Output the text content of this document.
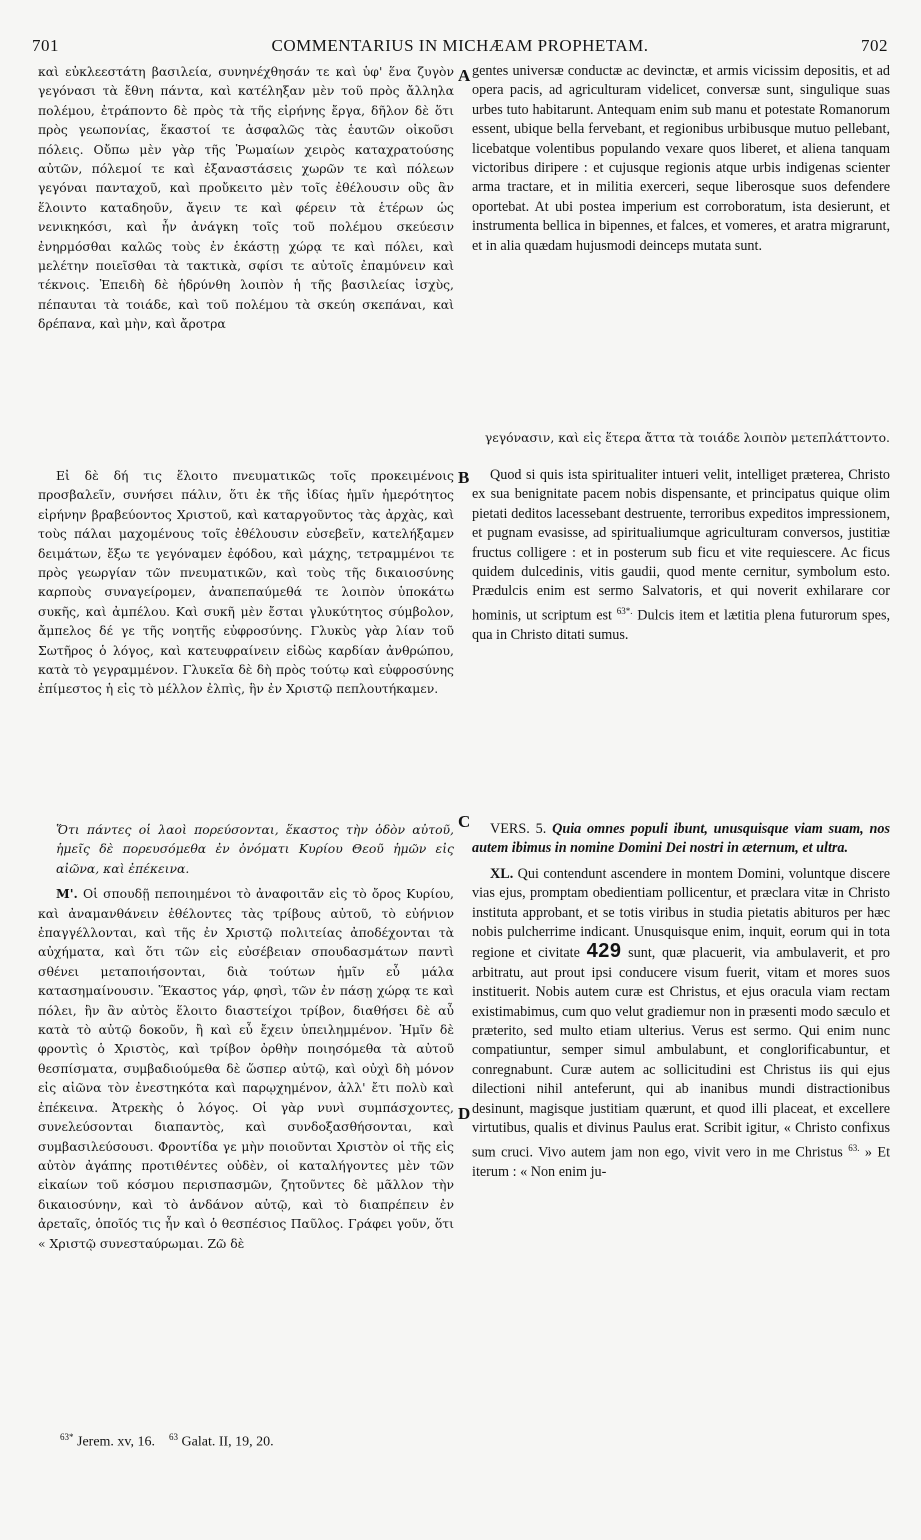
701	COMMENTARIUS IN MICHÆAM PROPHETAM.	702

καὶ εὐκλεεστάτη βασιλεία, συνηνέχθησάν τε καὶ ὑφ' ἕνα ζυγὸν γεγόνασι τὰ ἔθνη πάντα, καὶ κατέληξαν μὲν τοῦ πρὸς ἄλληλα πολέμου, ἐτράποντο δὲ πρὸς τὰ τῆς εἰρήνης ἔργα, δῆλον δὲ ὅτι πρὸς γεωπονίας, ἕκαστοί τε ἀσφαλῶς τὰς ἑαυτῶν οἰκοῦσι πόλεις. Οὔπω μὲν γὰρ τῆς Ῥωμαίων χειρὸς καταχρατούσης αὐτῶν, πόλεμοί τε καὶ ἐξαναστάσεις χωρῶν τε καὶ πόλεων γεγόναι πανταχοῦ, καὶ προὔκειτο μὲν τοῖς ἐθέλουσιν οὓς ἂν ἕλοιντο καταδηοῦν, ἄγειν τε καὶ φέρειν τὰ ἑτέρων ὡς νενικηκόσι, καὶ ἦν ἀνάγκη τοῖς τοῦ πολέμου σκεύεσιν ἐνηρμόσθαι καλῶς τοὺς ἐν ἑκάστῃ χώρᾳ τε καὶ πόλει, καὶ μελέτην ποιεῖσθαι τὰ τακτικὰ, σφίσι τε αὐτοῖς ἐπαμύνειν καὶ τέκνοις. Ἐπειδὴ δὲ ἡδρύνθη λοιπὸν ἡ τῆς βασιλείας ἰσχὺς, πέπαυται τὰ τοιάδε, καὶ τοῦ πολέμου τὰ σκεύη σκεπάναι, καὶ δρέπανα, καὶ μὴν, καὶ ἄροτρα

A gentes universæ conductæ ac devinctæ, et armis vicissim depositis, et ad opera pacis, ad agriculturam videlicet, conversæ sunt, singulique suas urbes tuto habitarunt. Antequam enim sub manu et potestate Romanorum essent, ubique bella fervebant, et regionibus urbibusque mutuo pellebant, licebatque volentibus populando vexare quos liberet, et aliena tanquam victoribus diripere : et cujusque regionis atque urbis indigenas scienter arma tractare, et in militia exerceri, seque liberosque suos defendere oportebat. At ubi postea imperium est corroboratum, ista desierunt, et instrumenta bellica in bipennes, et falces, et vomeres, et aratra migrarunt, et in alia quædam hujusmodi deinceps mutata sunt.

γεγόνασιν, καὶ εἰς ἕτερα ἄττα τὰ τοιάδε λοιπὸν μετεπλάττοντο.

Εἰ δὲ δή τις ἕλοιτο πνευματικῶς τοῖς προκειμένοις προσβαλεῖν, συνήσει πάλιν, ὅτι ἐκ τῆς ἰδίας ἡμῖν ἡμερότητος εἰρήνην βραβεύοντος Χριστοῦ, καὶ καταργοῦντος τὰς ἀρχὰς, καὶ τοὺς πάλαι μαχομένους τοῖς ἐθέλουσιν εὐσεβεῖν, κατελήξαμεν δειμάτων, ἔξω τε γεγόναμεν ἐφόδου, καὶ μάχης, τετραμμένοι τε πρὸς γεωργίαν τῶν πνευματικῶν, καὶ τοὺς τῆς δικαιοσύνης καρποὺς συναγείρομεν, ἀναπεπαύμεθά τε λοιπὸν ὑποκάτω συκῆς, καὶ ἀμπέλου. Καὶ συκῆ μὲν ἔσται γλυκύτητος σύμβολον, ἄμπελος δέ γε τῆς νοητῆς εὐφροσύνης. Γλυκὺς γὰρ λίαν τοῦ Σωτῆρος ὁ λόγος, καὶ κατευφραίνειν εἰδὼς καρδίαν ἀνθρώπου, κατὰ τὸ γεγραμμένον. Γλυκεῖα δὲ δὴ πρὸς τούτῳ καὶ εὐφροσύνης ἐπίμεστος ἡ εἰς τὸ μέλλον ἐλπὶς, ἣν ἐν Χριστῷ πεπλουτήκαμεν.

B	Quod si quis ista spiritualiter intueri velit, intelliget præterea, Christo ex sua benignitate pacem nobis dispensante, et principatus quique olim pietati deditos lacessebant destruente, terroribus expeditos impressionem, et pugnam evasisse, ad spiritualiumque agriculturam conversos, justitiæ fructus colligere : et in posterum sub ficu et vite requiescere. Ac ficus quidem dulcedinis, vitis gaudii, quod mente cernitur, symbolum esto. Prædulcis enim est sermo Salvatoris, et qui noverit exhilarare cor hominis, ut scriptum est $^{63*.}$ Dulcis item et lætitia plena futurorum spes, qua in Christo ditati sumus.

Ὅτι πάντες οἱ λαοὶ πορεύσονται, ἕκαστος τὴν ὁδὸν αὐτοῦ, ἡμεῖς δὲ πορευσόμεθα ἐν ὀνόματι Κυρίου Θεοῦ ἡμῶν εἰς αἰῶνα, καὶ ἐπέκεινα.

Μ'. Οἱ σπουδῇ πεποιημένοι τὸ ἀναφοιτᾶν εἰς τὸ ὄρος Κυρίου, καὶ ἀναμανθάνειν ἐθέλοντες τὰς τρίβους αὐτοῦ, τὸ εὐήνιον ἐπαγγέλλονται, καὶ τῆς ἐν Χριστῷ πολιτείας ἀποδέχονται τὰ αὐχήματα, καὶ ὅτι τῶν εἰς εὐσέβειαν σπουδασμάτων παντὶ σθένει μεταποιήσονται, διὰ τούτων ἡμῖν εὖ μάλα κατασημαίνουσιν. Ἕκαστος γάρ, φησὶ, τῶν ἐν πάσῃ χώρᾳ τε καὶ πόλει, ἣν ἂν αὐτὸς ἕλοιτο διαστείχοι τρίβον, διαθήσει δὲ αὖ κατὰ τὸ αὐτῷ δοκοῦν, ἢ καὶ εὖ ἔχειν ὑπειλημμένον. Ἡμῖν δὲ φροντὶς ὁ Χριστὸς, καὶ τρίβον ὀρθὴν ποιησόμεθα τὰ αὐτοῦ θεσπίσματα, συμβαδιούμεθα δὲ ὥσπερ αὐτῷ, καὶ οὐχὶ δὴ μόνον εἰς αἰῶνα τὸν ἐνεστηκότα καὶ παρῳχημένον, ἀλλ' ἔτι πολὺ καὶ ἐπέκεινα. Ἀτρεκὴς ὁ λόγος. Οἱ γὰρ νυνὶ συμπάσχοντες, συνελεύσονται διαπαντὸς, καὶ συνδοξασθήσονται, καὶ συμβασιλεύσουσι. Φροντίδα γε μὴν ποιοῦνται Χριστὸν οἱ τῆς εἰς αὐτὸν ἀγάπης προτιθέντες οὐδὲν, οἱ καταλήγοντες μὲν τῶν εἰκαίων τοῦ κόσμου περισπασμῶν, ζητοῦντες δὲ μᾶλλον τὴν δικαιοσύνην, καὶ τὸ ἁνδάνον αὐτῷ, καὶ τὸ διαπρέπειν ἐν ἀρεταῖς, ὁποῖός τις ἦν καὶ ὁ θεσπέσιος Παῦλος. Γράφει γοῦν, ὅτι « Χριστῷ συνεσταύρωμαι. Ζῶ δὲ

C
D

VERS. 5. Quia omnes populi ibunt, unusquisque viam suam, nos autem ibimus in nomine Domini Dei nostri in æternum, et ultra.

XL. Qui contendunt ascendere in montem Domini, voluntque discere vias ejus, promptam obedientiam pollicentur, et præclara vitæ in Christo instituta approbant, et se totis viribus in studia pietatis abituros per hæc nobis pulcherrime indicant. Unusquisque enim, inquit, eorum qui in tota regione et civitate 429 sunt, quæ placuerit, via ambulaverit, et pro arbitratu, aut prout ipsi conducere visum fuerit, vitam et mores suos instituerit. Nobis autem curæ est Christus, et ejus oracula viam rectam existimabimus, cum quo velut gradiemur non in præsenti modo sæculo et præterito, sed multo etiam ulterius. Verus est sermo. Qui enim nunc compatiuntur, semper simul ambulabunt, et conglorificabuntur, et conregnabunt. Curæ autem ac sollicitudini est Christus iis qui ejus dilectioni nihil anteferunt, qui ab inanibus mundi distractionibus desinunt, magisque justitiam quærunt, et quod illi placeat, et excellere virtutibus, qualis et divinus Paulus erat. Scribit igitur, « Christo confixus sum cruci. Vivo autem jam non ego, vivit vero in me Christus $^{63.}$ » Et iterum : « Non enim ju-

$^{63*}$ Jerem. xv, 16. $^{63}$ Galat. II, 19, 20.
